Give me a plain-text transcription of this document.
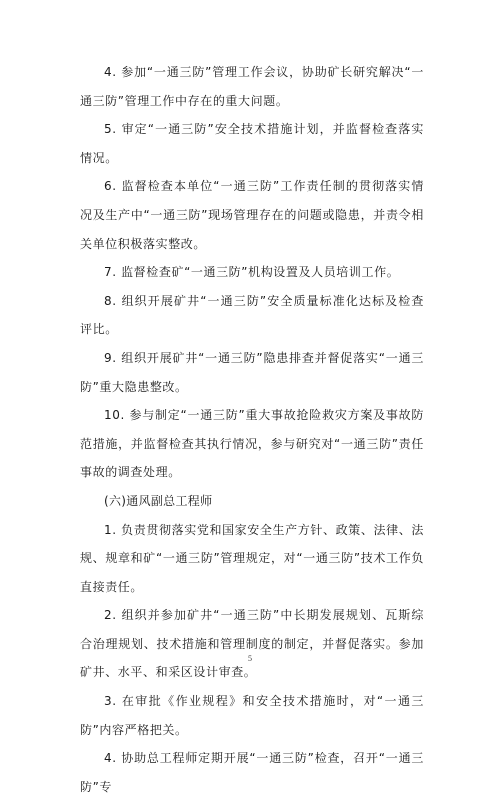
4. 参加“一通三防”管理工作会议，协助矿长研究解决“一通三防”管理工作中存在的重大问题。

5. 审定“一通三防”安全技术措施计划，并监督检查落实情况。

6. 监督检查本单位“一通三防”工作责任制的贯彻落实情况及生产中“一通三防”现场管理存在的问题或隐患，并责令相关单位积极落实整改。

7. 监督检查矿“一通三防”机构设置及人员培训工作。

8. 组织开展矿井“一通三防”安全质量标准化达标及检查评比。

9. 组织开展矿井“一通三防”隐患排查并督促落实“一通三防”重大隐患整改。

10. 参与制定“一通三防”重大事故抢险救灾方案及事故防范措施，并监督检查其执行情况，参与研究对“一通三防”责任事故的调查处理。

(六)通风副总工程师

1. 负责贯彻落实党和国家安全生产方针、政策、法律、法规、规章和矿“一通三防”管理规定，对“一通三防”技术工作负直接责任。

2. 组织并参加矿井“一通三防”中长期发展规划、瓦斯综合治理规划、技术措施和管理制度的制定，并督促落实。参加矿井、水平、和采区设计审查。

3. 在审批《作业规程》和安全技术措施时，对“一通三防”内容严格把关。

4. 协助总工程师定期开展“一通三防”检查，召开“一通三防”专

5
